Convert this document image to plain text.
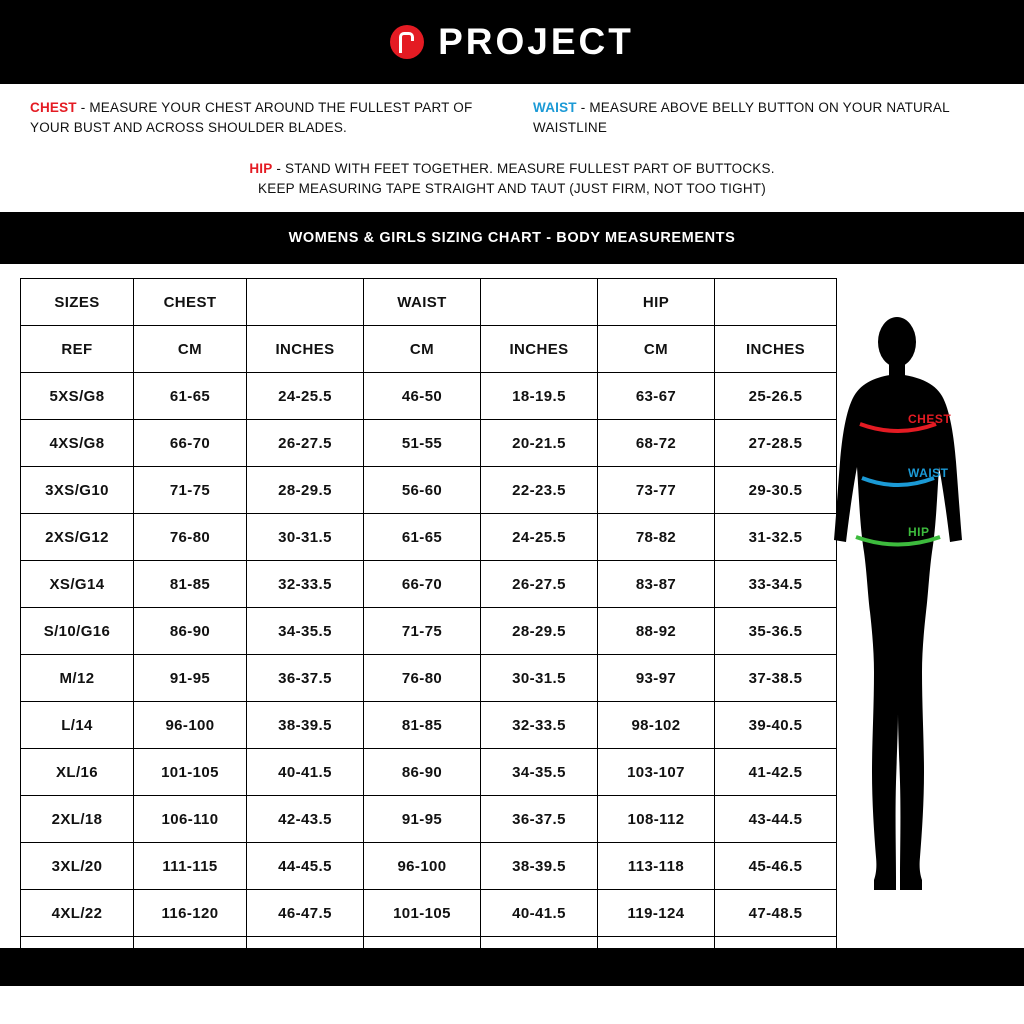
PROJECT
CHEST - MEASURE YOUR CHEST AROUND THE FULLEST PART OF YOUR BUST AND ACROSS SHOULDER BLADES.
WAIST - MEASURE ABOVE BELLY BUTTON ON YOUR NATURAL WAISTLINE
HIP - STAND WITH FEET TOGETHER. MEASURE FULLEST PART OF BUTTOCKS.
KEEP MEASURING TAPE STRAIGHT AND TAUT (JUST FIRM, NOT TOO TIGHT)
WOMENS & GIRLS SIZING CHART - BODY MEASUREMENTS
SIZES	CHEST		WAIST		HIP	
REF	CM	INCHES	CM	INCHES	CM	INCHES
5XS/G8	61-65	24-25.5	46-50	18-19.5	63-67	25-26.5
4XS/G8	66-70	26-27.5	51-55	20-21.5	68-72	27-28.5
3XS/G10	71-75	28-29.5	56-60	22-23.5	73-77	29-30.5
2XS/G12	76-80	30-31.5	61-65	24-25.5	78-82	31-32.5
XS/G14	81-85	32-33.5	66-70	26-27.5	83-87	33-34.5
S/10/G16	86-90	34-35.5	71-75	28-29.5	88-92	35-36.5
M/12	91-95	36-37.5	76-80	30-31.5	93-97	37-38.5
L/14	96-100	38-39.5	81-85	32-33.5	98-102	39-40.5
XL/16	101-105	40-41.5	86-90	34-35.5	103-107	41-42.5
2XL/18	106-110	42-43.5	91-95	36-37.5	108-112	43-44.5
3XL/20	111-115	44-45.5	96-100	38-39.5	113-118	45-46.5
4XL/22	116-120	46-47.5	101-105	40-41.5	119-124	47-48.5

CHEST
WAIST
HIP
